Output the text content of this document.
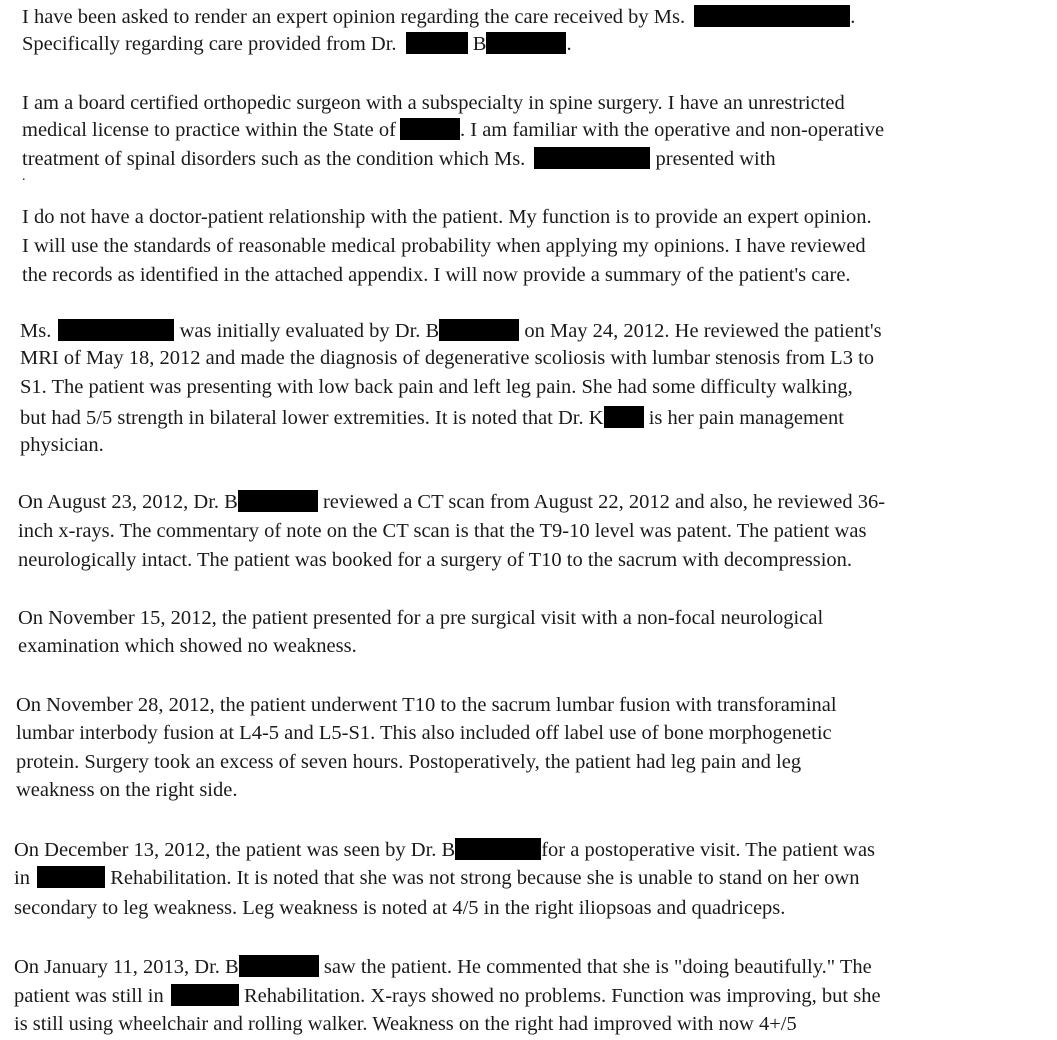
I have been asked to render an expert opinion regarding the care received by Ms.	.
Specifically regarding care provided from Dr.	B	.
I am a board certified orthopedic surgeon with a subspecialty in spine surgery. I have an unrestricted
medical license to practice within the State of	. I am familiar with the operative and non-operative
treatment of spinal disorders such as the condition which Ms.	presented with
.
I do not have a doctor-patient relationship with the patient. My function is to provide an expert opinion.
I will use the standards of reasonable medical probability when applying my opinions. I have reviewed
the records as identified in the attached appendix. I will now provide a summary of the patient's care.
Ms.	was initially evaluated by Dr. B	on May 24, 2012. He reviewed the patient's
MRI of May 18, 2012 and made the diagnosis of degenerative scoliosis with lumbar stenosis from L3 to
S1. The patient was presenting with low back pain and left leg pain. She had some difficulty walking,
but had 5/5 strength in bilateral lower extremities. It is noted that Dr. K is her pain management
physician.
On August 23, 2012, Dr. B	reviewed a CT scan from August 22, 2012 and also, he reviewed 36-
inch x-rays. The commentary of note on the CT scan is that the T9-10 level was patent. The patient was
neurologically intact. The patient was booked for a surgery of T10 to the sacrum with decompression.
On November 15, 2012, the patient presented for a pre surgical visit with a non-focal neurological
examination which showed no weakness.
On November 28, 2012, the patient underwent T10 to the sacrum lumbar fusion with transforaminal
lumbar interbody fusion at L4-5 and L5-S1. This also included off label use of bone morphogenetic
protein. Surgery took an excess of seven hours. Postoperatively, the patient had leg pain and leg
weakness on the right side.
On December 13, 2012, the patient was seen by Dr. B	for a postoperative visit. The patient was
in	Rehabilitation. It is noted that she was not strong because she is unable to stand on her own
secondary to leg weakness. Leg weakness is noted at 4/5 in the right iliopsoas and quadriceps.
On January 11, 2013, Dr. B	saw the patient. He commented that she is "doing beautifully." The
patient was still in	Rehabilitation. X-rays showed no problems. Function was improving, but she
is still using wheelchair and rolling walker. Weakness on the right had improved with now 4+/5
